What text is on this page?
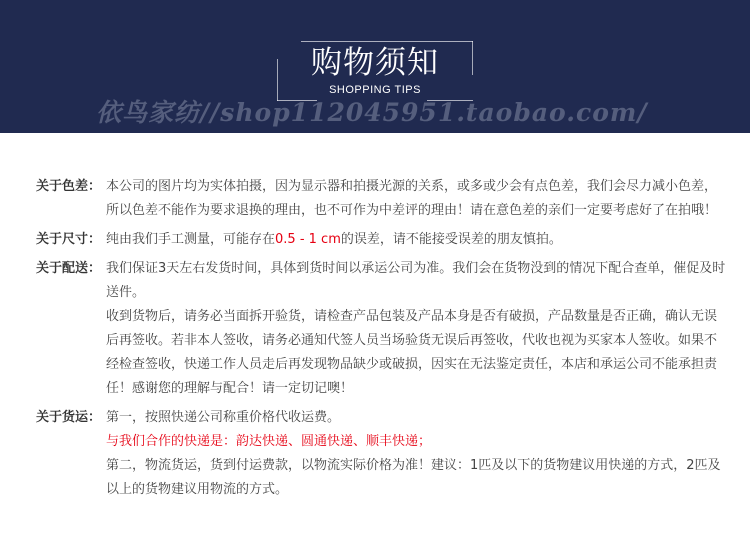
依鸟家纺//shop112045951.taobao.com/
购物须知
SHOPPING TIPS
关于色差： 本公司的图片均为实体拍摄，因为显示器和拍摄光源的关系，或多或少会有点色差，我们会尽力减小色差，所以色差不能作为要求退换的理由，也不可作为中差评的理由！请在意色差的亲们一定要考虑好了在拍哦！
关于尺寸： 纯由我们手工测量，可能存在0.5 - 1 cm的误差，请不能接受误差的朋友慎拍。
关于配送： 我们保证3天左右发货时间，具体到货时间以承运公司为准。我们会在货物没到的情况下配合查单，催促及时送件。
收到货物后，请务必当面拆开验货，请检查产品包装及产品本身是否有破损，产品数量是否正确，确认无误后再签收。若非本人签收，请务必通知代签人员当场验货无误后再签收，代收也视为买家本人签收。如果不经检查签收，快递工作人员走后再发现物品缺少或破损，因实在无法鉴定责任，本店和承运公司不能承担责任！感谢您的理解与配合！请一定切记噢！
关于货运： 第一，按照快递公司称重价格代收运费。
与我们合作的快递是：韵达快递、圆通快递、顺丰快递；
第二，物流货运，货到付运费款，以物流实际价格为准！建议：1匹及以下的货物建议用快递的方式，2匹及以上的货物建议用物流的方式。
